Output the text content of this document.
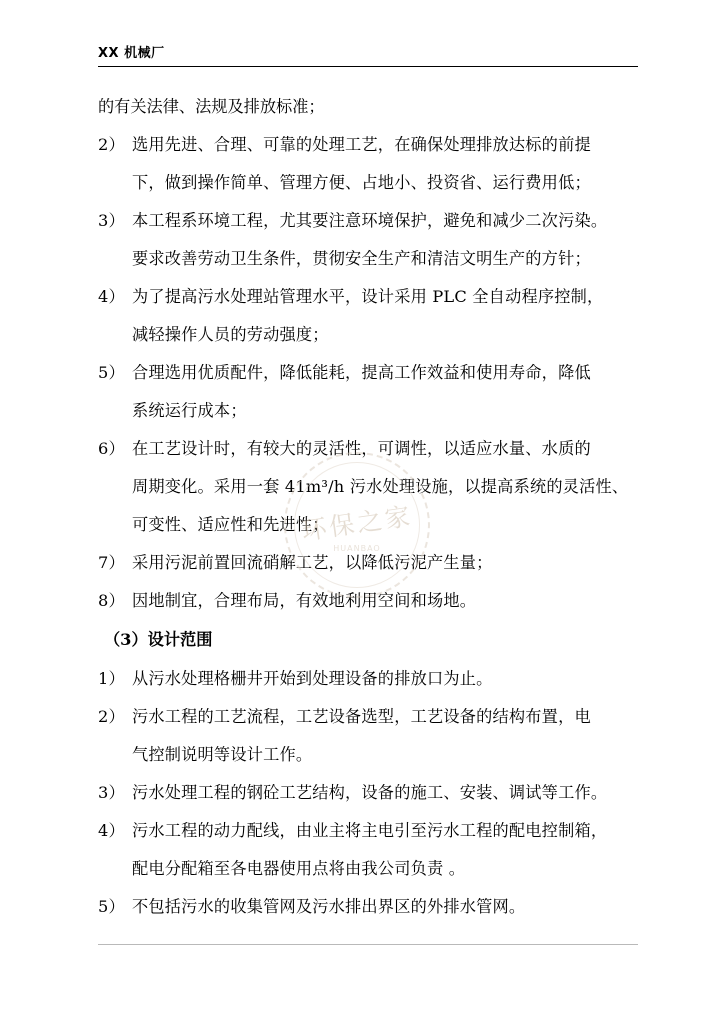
XX 机械厂

的有关法律、法规及排放标准；

2） 选用先进、合理、可靠的处理工艺，在确保处理排放达标的前提
下，做到操作简单、管理方便、占地小、投资省、运行费用低；
3） 本工程系环境工程，尤其要注意环境保护，避免和减少二次污染。
要求改善劳动卫生条件，贯彻安全生产和清洁文明生产的方针；
4） 为了提高污水处理站管理水平，设计采用 PLC 全自动程序控制，
减轻操作人员的劳动强度；
5） 合理选用优质配件，降低能耗，提高工作效益和使用寿命，降低
系统运行成本；
6） 在工艺设计时，有较大的灵活性，可调性，以适应水量、水质的
周期变化。采用一套 41m³/h 污水处理设施，以提高系统的灵活性、
可变性、适应性和先进性；
7） 采用污泥前置回流硝解工艺，以降低污泥产生量；
8） 因地制宜，合理布局，有效地利用空间和场地。

（3）设计范围

1） 从污水处理格栅井开始到处理设备的排放口为止。
2） 污水工程的工艺流程，工艺设备选型，工艺设备的结构布置，电
气控制说明等设计工作。
3） 污水处理工程的钢砼工艺结构，设备的施工、安装、调试等工作。
4） 污水工程的动力配线，由业主将主电引至污水工程的配电控制箱，
配电分配箱至各电器使用点将由我公司负责 。
5） 不包括污水的收集管网及污水排出界区的外排水管网。
环保之家
HUANBAO
